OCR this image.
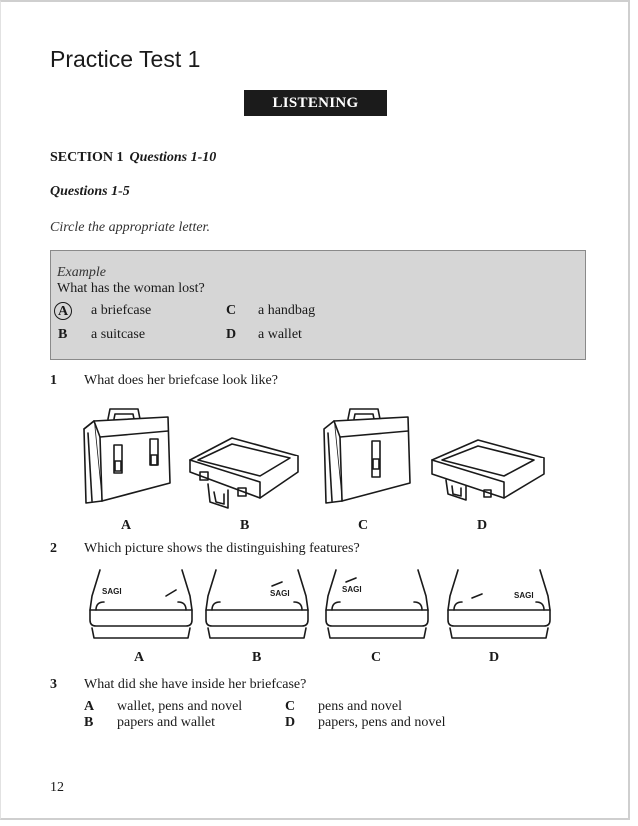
Practice Test 1
LISTENING
SECTION 1 Questions 1-10
Questions 1-5
Circle the appropriate letter.
Example
What has the woman lost?
A a briefcase
B a suitcase
C a handbag
D a wallet
1 What does her briefcase look like?
A	B	C	D
2 Which picture shows the distinguishing features?
SAGI	SAGI	SAGI
SAGI
A	B	C	D
3 What did she have inside her briefcase?
A wallet, pens and novel
B papers and wallet
C pens and novel
D papers, pens and novel
12
